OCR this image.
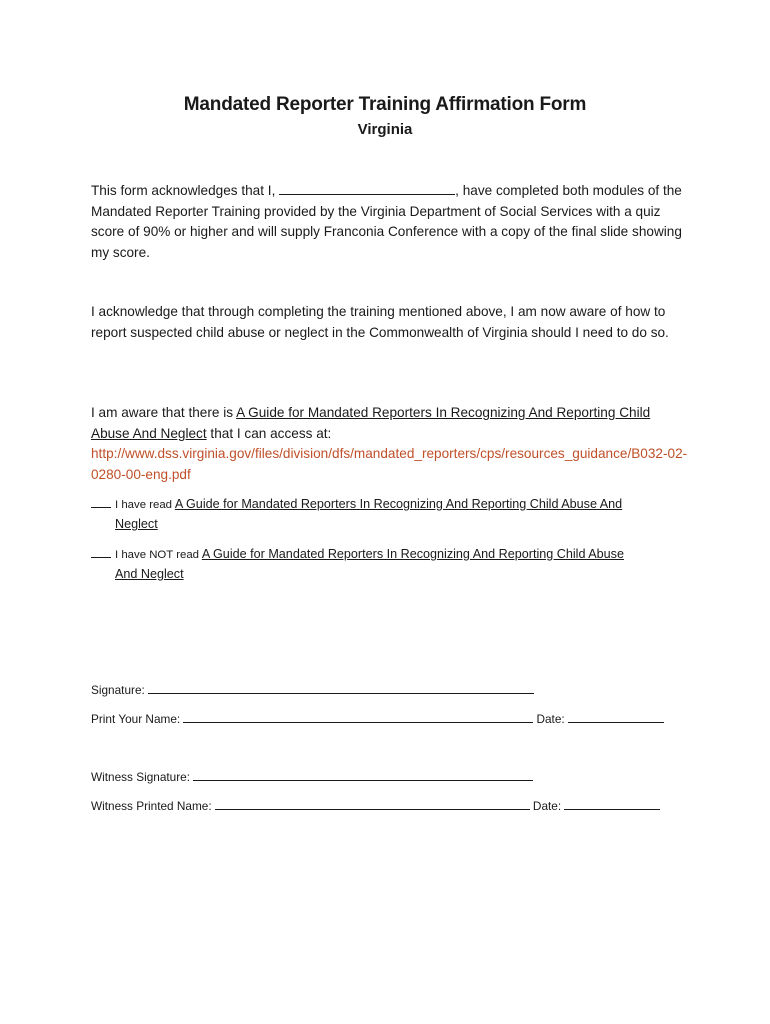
Mandated Reporter Training Affirmation Form
Virginia
This form acknowledges that I,	, have completed both modules of the Mandated Reporter Training provided by the Virginia Department of Social Services with a quiz score of 90% or higher and will supply Franconia Conference with a copy of the final slide showing my score.
I acknowledge that through completing the training mentioned above, I am now aware of how to report suspected child abuse or neglect in the Commonwealth of Virginia should I need to do so.
I am aware that there is A Guide for Mandated Reporters In Recognizing And Reporting Child Abuse And Neglect that I can access at:
http://www.dss.virginia.gov/files/division/dfs/mandated_reporters/cps/resources_guidance/B032-02-0280-00-eng.pdf
I have read A Guide for Mandated Reporters In Recognizing And Reporting Child Abuse And
Neglect
I have NOT read A Guide for Mandated Reporters In Recognizing And Reporting Child Abuse
And Neglect
Signature:
Print Your Name:	Date:
Witness Signature:
Witness Printed Name:	Date:
